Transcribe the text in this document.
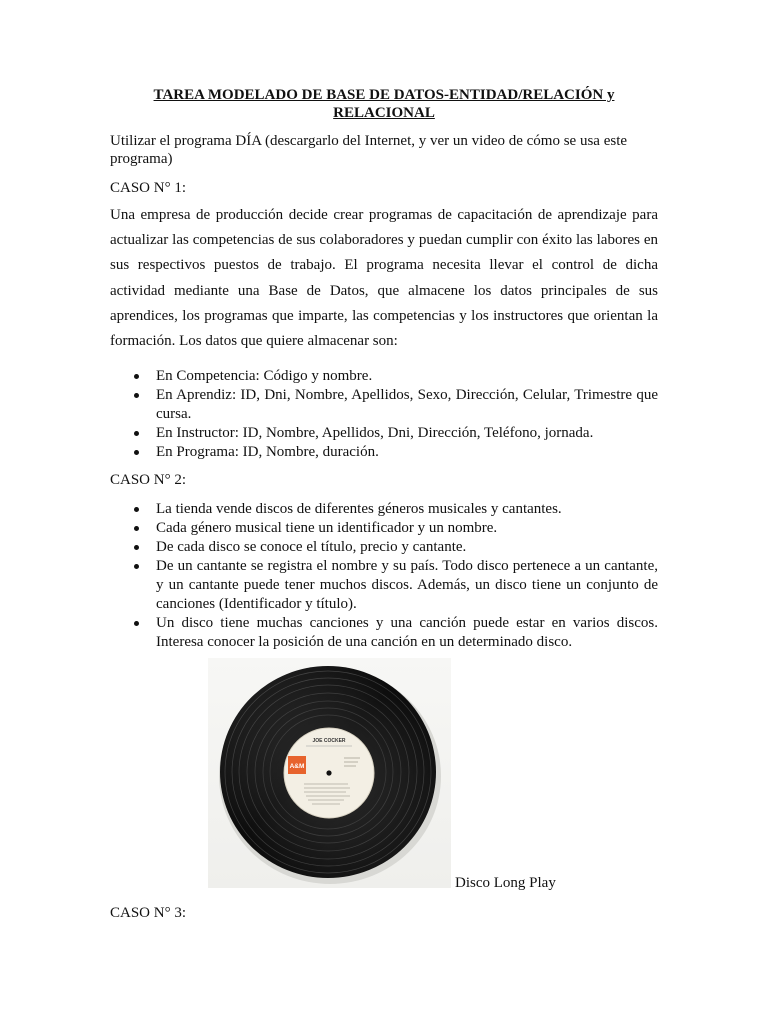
TAREA MODELADO DE BASE DE DATOS-ENTIDAD/RELACIÓN y
RELACIONAL
Utilizar el programa DÍA (descargarlo del Internet, y ver un video de cómo se usa este programa)
CASO N° 1:
Una empresa de producción decide crear programas de capacitación de aprendizaje para actualizar las competencias de sus colaboradores y puedan cumplir con éxito las labores en sus respectivos puestos de trabajo. El programa necesita llevar el control de dicha actividad mediante una Base de Datos, que almacene los datos principales de sus aprendices, los programas que imparte, las competencias y los instructores que orientan la formación. Los datos que quiere almacenar son:
En Competencia: Código y nombre.
En Aprendiz: ID, Dni, Nombre, Apellidos, Sexo, Dirección, Celular, Trimestre que cursa.
En Instructor: ID, Nombre, Apellidos, Dni, Dirección, Teléfono, jornada.
En Programa: ID, Nombre, duración.
CASO N° 2:
La tienda vende discos de diferentes géneros musicales y cantantes.
Cada género musical tiene un identificador y un nombre.
De cada disco se conoce el título, precio y cantante.
De un cantante se registra el nombre y su país. Todo disco pertenece a un cantante, y un cantante puede tener muchos discos. Además, un disco tiene un conjunto de canciones (Identificador y título).
Un disco tiene muchas canciones y una canción puede estar en varios discos. Interesa conocer la posición de una canción en un determinado disco.
JOE COCKER
A&M
Disco Long Play
CASO N° 3:
